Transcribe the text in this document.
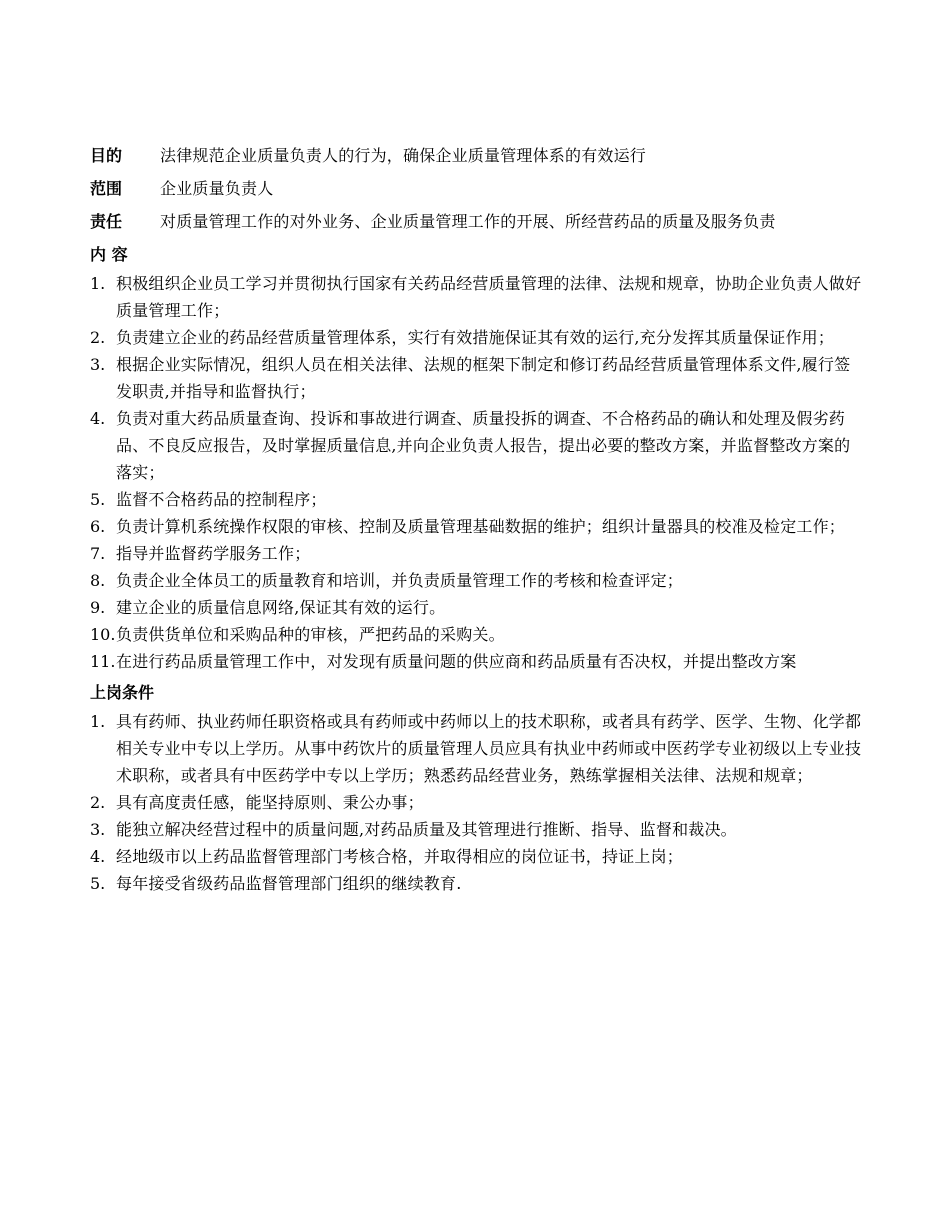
目的	法律规范企业质量负责人的行为，确保企业质量管理体系的有效运行
范围	企业质量负责人
责任	对质量管理工作的对外业务、企业质量管理工作的开展、所经营药品的质量及服务负责
内 容
1. 积极组织企业员工学习并贯彻执行国家有关药品经营质量管理的法律、法规和规章，协助企业负责人做好质量管理工作；
2. 负责建立企业的药品经营质量管理体系，实行有效措施保证其有效的运行,充分发挥其质量保证作用；
3. 根据企业实际情况，组织人员在相关法律、法规的框架下制定和修订药品经营质量管理体系文件,履行签发职责,并指导和监督执行；
4. 负责对重大药品质量查询、投诉和事故进行调查、质量投拆的调查、不合格药品的确认和处理及假劣药品、不良反应报告，及时掌握质量信息,并向企业负责人报告，提出必要的整改方案，并监督整改方案的落实；
5. 监督不合格药品的控制程序；
6. 负责计算机系统操作权限的审核、控制及质量管理基础数据的维护；组织计量器具的校准及检定工作；
7. 指导并监督药学服务工作；
8. 负责企业全体员工的质量教育和培训，并负责质量管理工作的考核和检查评定；
9. 建立企业的质量信息网络,保证其有效的运行。
10. 负责供货单位和采购品种的审核，严把药品的采购关。
11. 在进行药品质量管理工作中，对发现有质量问题的供应商和药品质量有否决权，并提出整改方案
上岗条件
1. 具有药师、执业药师任职资格或具有药师或中药师以上的技术职称，或者具有药学、医学、生物、化学都相关专业中专以上学历。从事中药饮片的质量管理人员应具有执业中药师或中医药学专业初级以上专业技术职称，或者具有中医药学中专以上学历；熟悉药品经营业务，熟练掌握相关法律、法规和规章；
2. 具有高度责任感，能坚持原则、秉公办事；
3. 能独立解决经营过程中的质量问题,对药品质量及其管理进行推断、指导、监督和裁决。
4. 经地级市以上药品监督管理部门考核合格，并取得相应的岗位证书，持证上岗；
5. 每年接受省级药品监督管理部门组织的继续教育.
